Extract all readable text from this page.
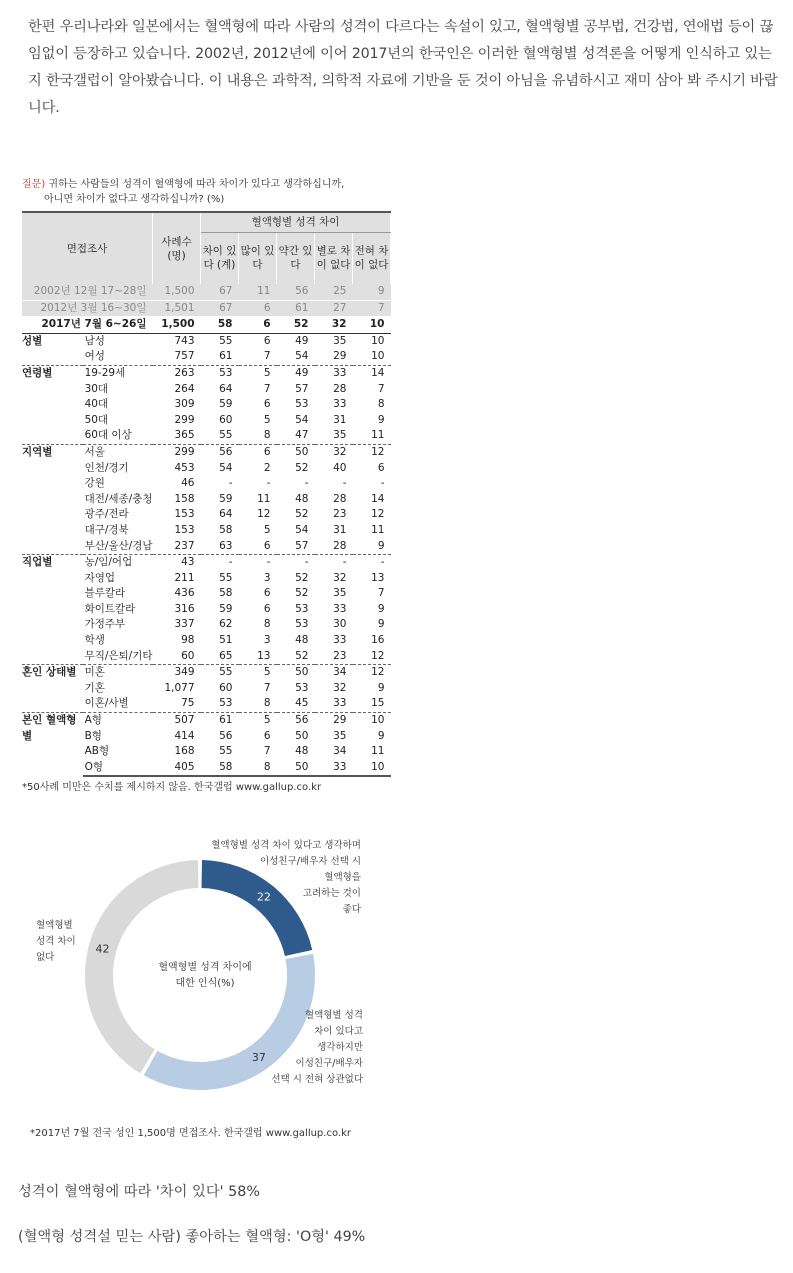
한편 우리나라와 일본에서는 혈액형에 따라 사람의 성격이 다르다는 속설이 있고, 혈액형별 공부법, 건강법, 연애법 등이 끊임없이 등장하고 있습니다. 2002년, 2012년에 이어 2017년의 한국인은 이러한 혈액형별 성격론을 어떻게 인식하고 있는지 한국갤럽이 알아봤습니다. 이 내용은 과학적, 의학적 자료에 기반을 둔 것이 아님을 유념하시고 재미 삼아 봐 주시기 바랍니다.

질문) 귀하는 사람들의 성격이 혈액형에 따라 차이가 있다고 생각하십니까,
아니면 차이가 없다고 생각하십니까? (%)
면접조사		사례수 (명)	혈액형별 성격 차이				
			차이 있다 (계)	많이 있다	약간 있다	별로 차이 없다	전혀 차이 없다
2002년 12월 17~28일		1,500	67	11	56	25	9
2012년 3월 16~30일		1,501	67	6	61	27	7
2017년 7월 6~26일		1,500	58	6	52	32	10
성별	남성	743	55	6	49	35	10
	여성	757	61	7	54	29	10
연령별	19-29세	263	53	5	49	33	14
	30대	264	64	7	57	28	7
	40대	309	59	6	53	33	8
	50대	299	60	5	54	31	9
	60대 이상	365	55	8	47	35	11
지역별	서울	299	56	6	50	32	12
	인천/경기	453	54	2	52	40	6
	강원	46	-	-	-	-	-
	대전/세종/충청	158	59	11	48	28	14
	광주/전라	153	64	12	52	23	12
	대구/경북	153	58	5	54	31	11
	부산/울산/경남	237	63	6	57	28	9
직업별	농/임/어업	43	-	-	-	-	-
	자영업	211	55	3	52	32	13
	블루칼라	436	58	6	52	35	7
	화이트칼라	316	59	6	53	33	9
	가정주부	337	62	8	53	30	9
	학생	98	51	3	48	33	16
	무직/은퇴/기타	60	65	13	52	23	12
혼인 상태별	미혼	349	55	5	50	34	12
	기혼	1,077	60	7	53	32	9
	이혼/사별	75	53	8	45	33	15
본인 혈액형별	A형	507	61	5	56	29	10
	B형	414	56	6	50	35	9
	AB형	168	55	7	48	34	11
	O형	405	58	8	50	33	10
*50사례 미만은 수치를 제시하지 않음. 한국갤럽 www.gallup.co.kr
22
37
42
혈액형별 성격 차이 있다고 생각하며
이성친구/배우자 선택 시
혈액형을
고려하는 것이
좋다
혈액형별 성격
차이 있다고
생각하지만
이성친구/배우자
선택 시 전혀 상관없다
혈액형별
성격 차이
없다
혈액형별 성격 차이에
대한 인식(%)
*2017년 7월 전국 성인 1,500명 면접조사. 한국갤럽 www.gallup.co.kr
성격이 혈액형에 따라 '차이 있다' 58%
(혈액형 성격설 믿는 사람) 좋아하는 혈액형: 'O형' 49%
